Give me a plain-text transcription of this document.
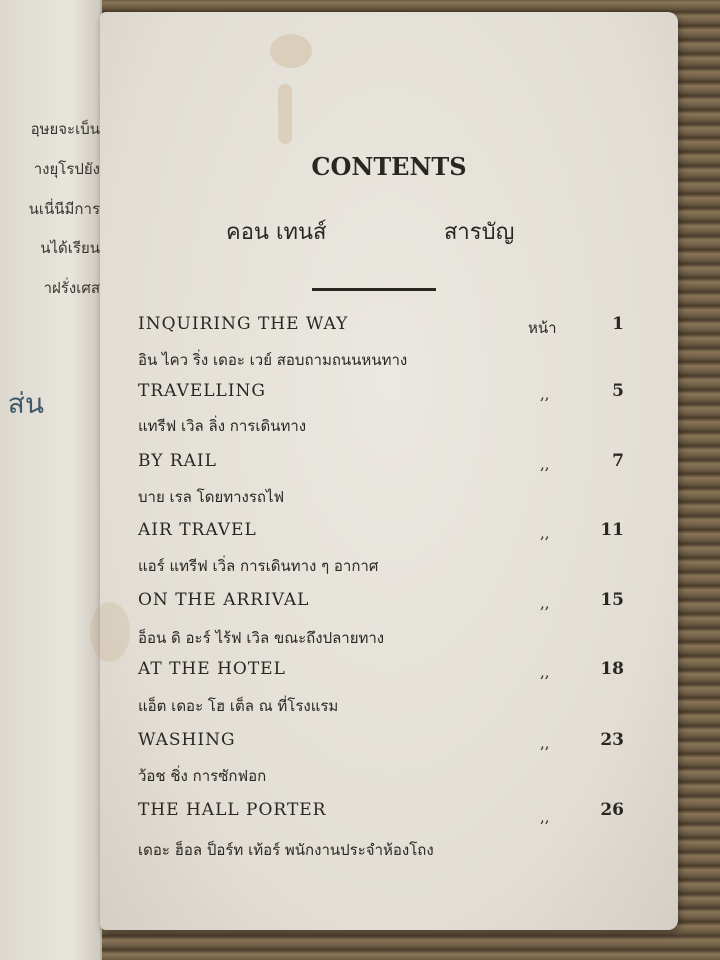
อฺษยจะเบ็น
างยุโรปยัง
นเนี่นีมีการ
นได้เรียน
าฝรั่งเศส
ส่น
CONTENTS
คอน เทนส์	สารบัญ
INQUIRING THE WAY	หน้า	1
อิน ไคว ริ่ง เดอะ เวย์ สอบถามถนนหนทาง
TRAVELLING	,,	5
แทรีฟ เวิล ลิ่ง การเดินทาง
BY RAIL	,,	7
บาย เรล โดยทางรถไฟ
AIR TRAVEL	,,	11
แอร์ แทรีฟ เวิ่ล การเดินทาง ๆ อากาศ
ON THE ARRIVAL	,,	15
อ็อน ดิ อะร์ ไร้ฟ เวิล ขณะถึงปลายทาง
AT THE HOTEL	,,	18
แอ็ต เดอะ โฮ เต็ล ณ ที่โรงแรม
WASHING	,,	23
ว้อช ชิ่ง การซักฟอก
THE HALL PORTER	,,	26
เดอะ ฮ็อล ป็อร์ท เท้อร์ พนักงานประจำห้องโถง
